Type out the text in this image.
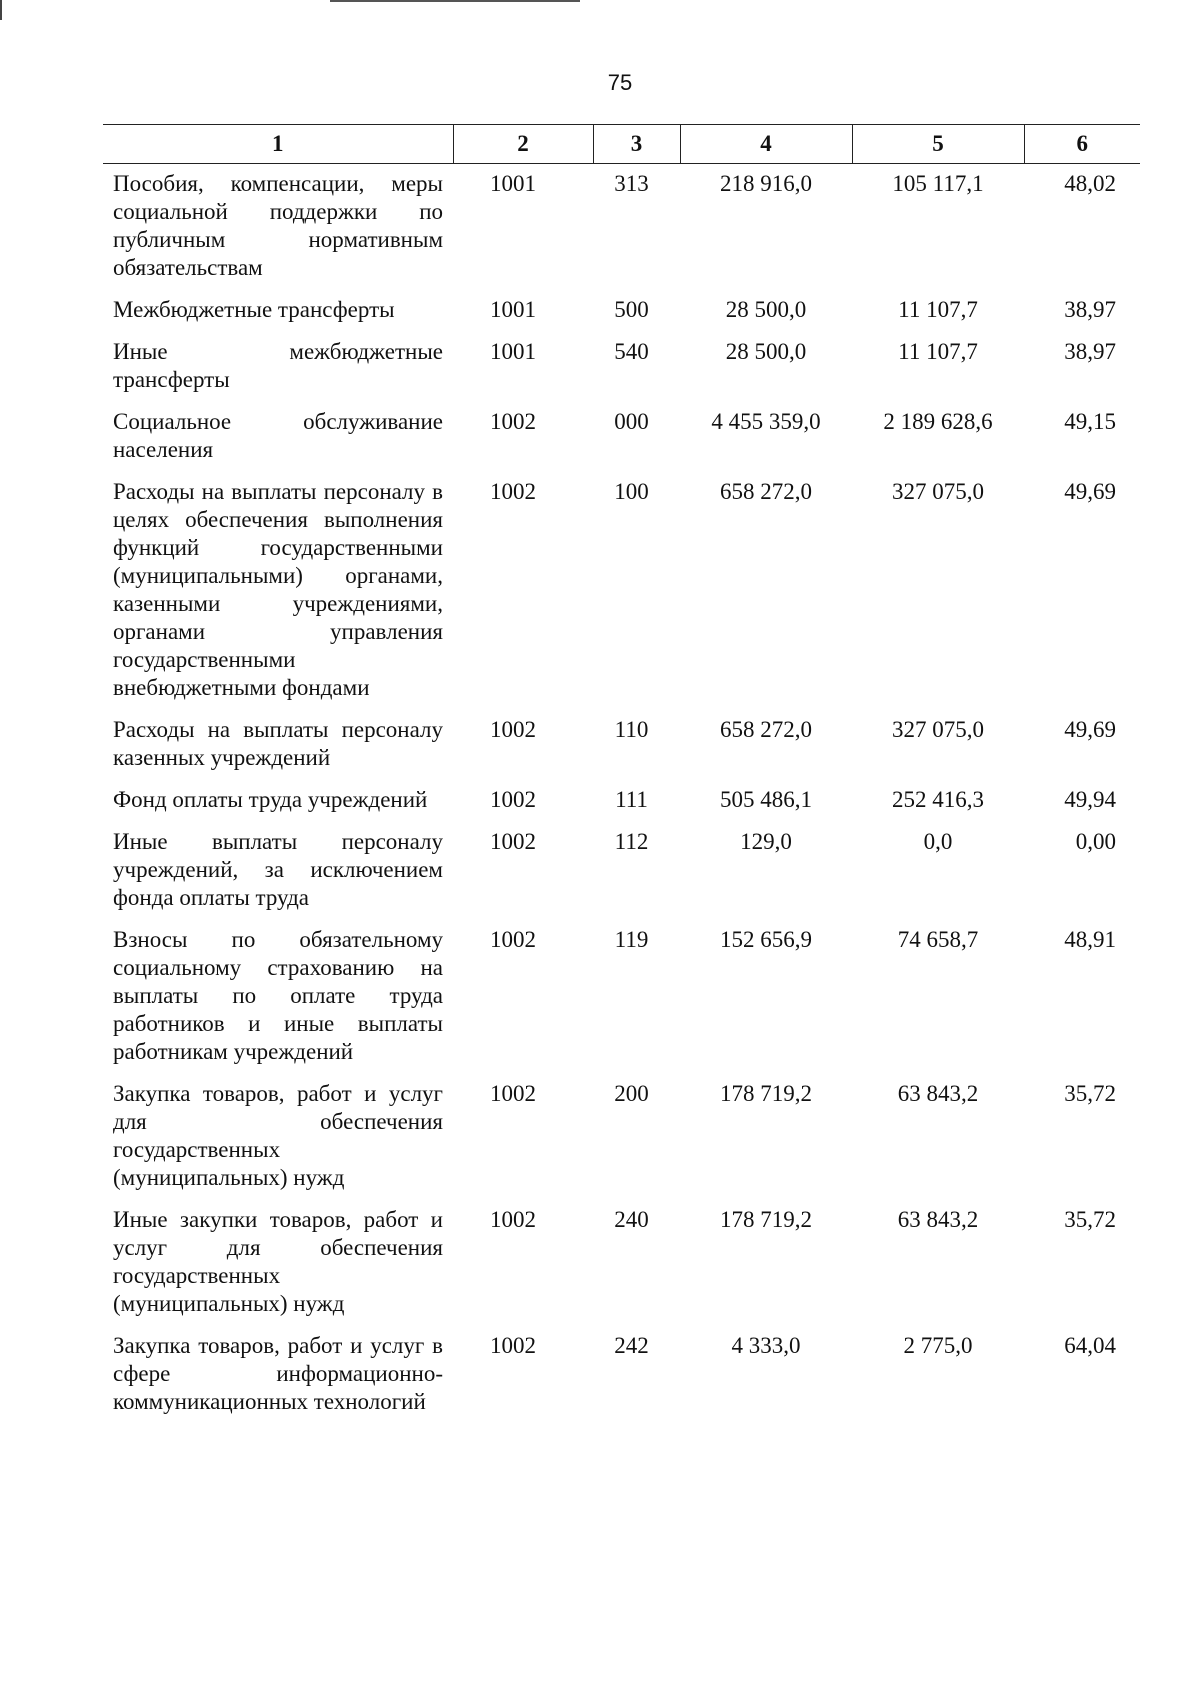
75
1	2	3	4	5	6
Пособия, компенсации, меры социальной поддержки по публичным нормативным обязательствам	1001	313	218 916,0	105 117,1	48,02
Межбюджетные трансферты	1001	500	28 500,0	11 107,7	38,97
Иные межбюджетные трансферты	1001	540	28 500,0	11 107,7	38,97
Социальное обслуживание населения	1002	000	4 455 359,0	2 189 628,6	49,15
Расходы на выплаты персоналу в целях обеспечения выполнения функций государственными (муниципальными) органами, казенными учреждениями, органами управления государственными внебюджетными фондами	1002	100	658 272,0	327 075,0	49,69
Расходы на выплаты персоналу казенных учреждений	1002	110	658 272,0	327 075,0	49,69
Фонд оплаты труда учреждений	1002	111	505 486,1	252 416,3	49,94
Иные выплаты персоналу учреждений, за исключением фонда оплаты труда	1002	112	129,0	0,0	0,00
Взносы по обязательному социальному страхованию на выплаты по оплате труда работников и иные выплаты работникам учреждений	1002	119	152 656,9	74 658,7	48,91
Закупка товаров, работ и услуг для обеспечения государственных (муниципальных) нужд	1002	200	178 719,2	63 843,2	35,72
Иные закупки товаров, работ и услуг для обеспечения государственных (муниципальных) нужд	1002	240	178 719,2	63 843,2	35,72
Закупка товаров, работ и услуг в сфере информационно-коммуникационных технологий	1002	242	4 333,0	2 775,0	64,04
